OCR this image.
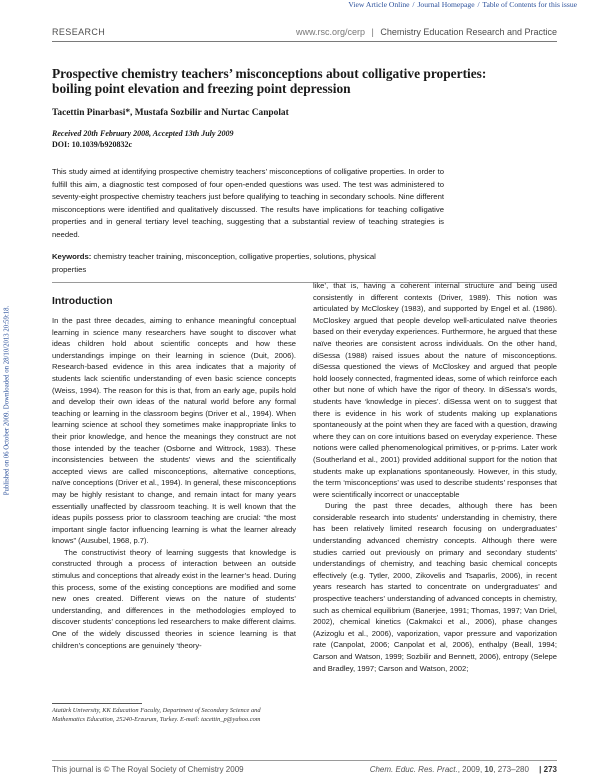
View Article Online / Journal Homepage / Table of Contents for this issue
RESEARCH	www.rsc.org/cerp | Chemistry Education Research and Practice
Published on 06 October 2009. Downloaded on 28/10/2013 20:59:18.
Prospective chemistry teachers’ misconceptions about colligative properties: boiling point elevation and freezing point depression
Tacettin Pinarbasi*, Mustafa Sozbilir and Nurtac Canpolat
Received 20th February 2008, Accepted 13th July 2009
DOI: 10.1039/b920832c
This study aimed at identifying prospective chemistry teachers’ misconceptions of colligative properties. In order to fulfill this aim, a diagnostic test composed of four open-ended questions was used. The test was administered to seventy-eight prospective chemistry teachers just before qualifying to teaching in secondary schools. Nine different misconceptions were identified and qualitatively discussed. The results have implications for teaching colligative properties and in general tertiary level teaching, suggesting that a substantial review of teaching strategies is needed.
Keywords: chemistry teacher training, misconception, colligative properties, solutions, physical properties
Introduction

In the past three decades, aiming to enhance meaningful conceptual learning in science many researchers have sought to discover what ideas children hold about scientific concepts and how these understandings impinge on their learning in science (Duit, 2006). Research-based evidence in this area indicates that a majority of students lack scientific understanding of even basic science concepts (Weiss, 1994). The reason for this is that, from an early age, pupils hold and develop their own ideas of the natural world before any formal teaching or learning in the classroom begins (Driver et al., 1994). When learning science at school they sometimes make inappropriate links to their prior knowledge, and hence the meanings they construct are not those intended by the teacher (Osborne and Wittrock, 1983). These inconsistencies between the students’ views and the scientifically accepted views are called misconceptions, alternative conceptions, naïve conceptions (Driver et al., 1994). In general, these misconceptions may be highly resistant to change, and remain intact for many years essentially unaffected by classroom teaching. It is well known that the ideas pupils possess prior to classroom teaching are crucial: “the most important single factor influencing learning is what the learner already knows” (Ausubel, 1968, p.7).

The constructivist theory of learning suggests that knowledge is constructed through a process of interaction between an outside stimulus and conceptions that already exist in the learner’s head. During this process, some of the existing conceptions are modified and some new ones created. Different views on the nature of students’ understanding, and differences in the methodologies employed to discover students’ conceptions led researchers to make different claims. One of the widely discussed theories in science learning is that children’s conceptions are genuinely ‘theory-

like’, that is, having a coherent internal structure and being used consistently in different contexts (Driver, 1989). This notion was articulated by McCloskey (1983), and supported by Engel et al. (1986). McCloskey argued that people develop well-articulated naïve theories based on their everyday experiences. Furthermore, he argued that these naïve theories are consistent across individuals. On the other hand, diSessa (1988) raised issues about the nature of misconceptions. diSessa questioned the views of McCloskey and argued that people hold loosely connected, fragmented ideas, some of which reinforce each other but none of which have the rigor of theory. In diSessa’s words, students have ‘knowledge in pieces’. diSessa went on to suggest that there is evidence in his work of students making up explanations spontaneously at the point when they are faced with a question, drawing where they can on core intuitions based on everyday experience. These notions were called phenomenological primitives, or p-prims. Later work (Southerland et al., 2001) provided additional support for the notion that students make up explanations spontaneously. However, in this study, the term ‘misconceptions’ was used to describe students’ responses that were scientifically incorrect or unacceptable

During the past three decades, although there has been considerable research into students’ understanding in chemistry, there has been relatively limited research focusing on undergraduates’ understanding advanced chemistry concepts. Although there were studies carried out previously on primary and secondary students’ understandings of chemistry, and teaching basic chemical concepts effectively (e.g. Tytler, 2000, Zikovelis and Tsaparlis, 2006), in recent years research has started to concentrate on undergraduates’ and prospective teachers’ understanding of advanced concepts in chemistry, such as chemical equilibrium (Banerjee, 1991; Thomas, 1997; Van Driel, 2002), chemical kinetics (Cakmakci et al., 2006), phase changes (Azizoglu et al., 2006), vaporization, vapor pressure and vaporization rate (Canpolat, 2006; Canpolat et al, 2006), enthalpy (Beall, 1994; Carson and Watson, 1999; Sozbilir and Bennett, 2006), entropy (Selepe and Bradley, 1997; Carson and Watson, 2002;

Atatürk University, KK Education Faculty, Department of Secondary Science and Mathematics Education, 25240-Erzurum, Turkey. E-mail: tacettin_p@yahoo.com
This journal is © The Royal Society of Chemistry 2009	Chem. Educ. Res. Pract., 2009, 10, 273–280 | 273
